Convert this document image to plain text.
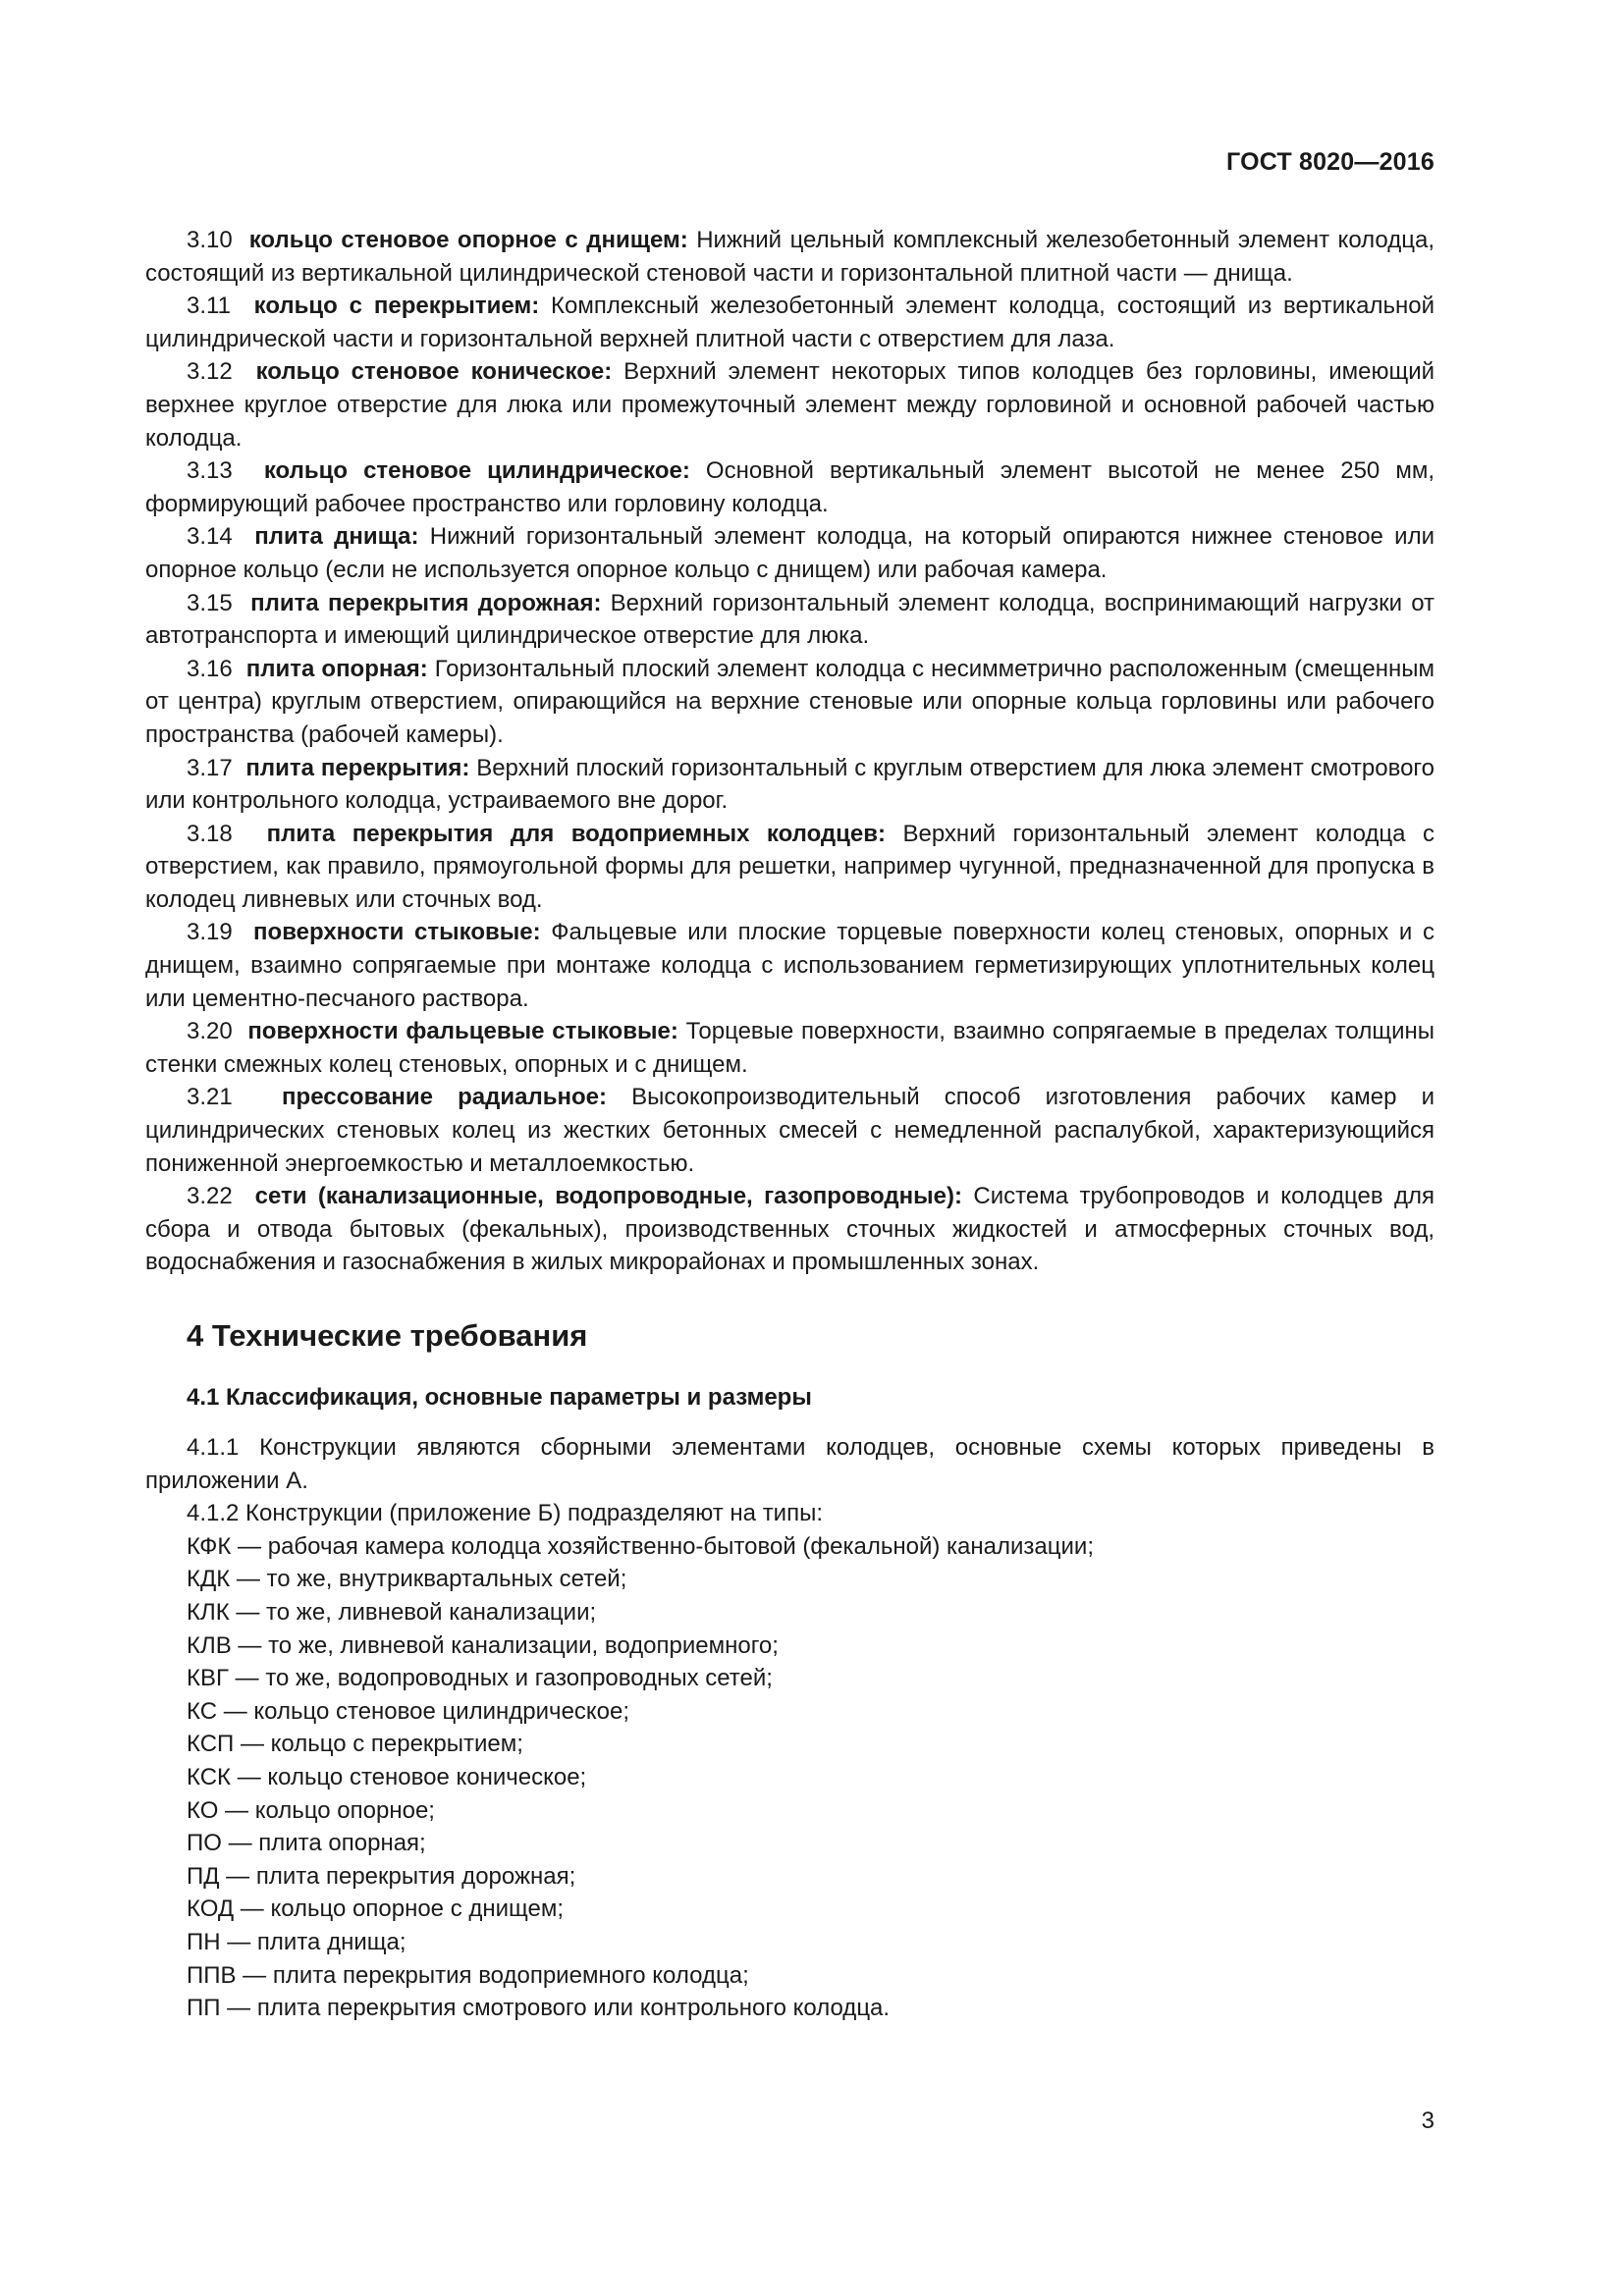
ГОСТ 8020—2016

3.10 кольцо стеновое опорное с днищем: Нижний цельный комплексный железобетонный элемент колодца, состоящий из вертикальной цилиндрической стеновой части и горизонтальной плитной части — днища.

3.11 кольцо с перекрытием: Комплексный железобетонный элемент колодца, состоящий из вертикальной цилиндрической части и горизонтальной верхней плитной части с отверстием для лаза.

3.12 кольцо стеновое коническое: Верхний элемент некоторых типов колодцев без горловины, имеющий верхнее круглое отверстие для люка или промежуточный элемент между горловиной и основной рабочей частью колодца.

3.13 кольцо стеновое цилиндрическое: Основной вертикальный элемент высотой не менее 250 мм, формирующий рабочее пространство или горловину колодца.

3.14 плита днища: Нижний горизонтальный элемент колодца, на который опираются нижнее стеновое или опорное кольцо (если не используется опорное кольцо с днищем) или рабочая камера.

3.15 плита перекрытия дорожная: Верхний горизонтальный элемент колодца, воспринимающий нагрузки от автотранспорта и имеющий цилиндрическое отверстие для люка.

3.16 плита опорная: Горизонтальный плоский элемент колодца с несимметрично расположенным (смещенным от центра) круглым отверстием, опирающийся на верхние стеновые или опорные кольца горловины или рабочего пространства (рабочей камеры).

3.17 плита перекрытия: Верхний плоский горизонтальный с круглым отверстием для люка элемент смотрового или контрольного колодца, устраиваемого вне дорог.

3.18 плита перекрытия для водоприемных колодцев: Верхний горизонтальный элемент колодца с отверстием, как правило, прямоугольной формы для решетки, например чугунной, предназначенной для пропуска в колодец ливневых или сточных вод.

3.19 поверхности стыковые: Фальцевые или плоские торцевые поверхности колец стеновых, опорных и с днищем, взаимно сопрягаемые при монтаже колодца с использованием герметизирующих уплотнительных колец или цементно-песчаного раствора.

3.20 поверхности фальцевые стыковые: Торцевые поверхности, взаимно сопрягаемые в пределах толщины стенки смежных колец стеновых, опорных и с днищем.

3.21 прессование радиальное: Высокопроизводительный способ изготовления рабочих камер и цилиндрических стеновых колец из жестких бетонных смесей с немедленной распалубкой, характеризующийся пониженной энергоемкостью и металлоемкостью.

3.22 сети (канализационные, водопроводные, газопроводные): Система трубопроводов и колодцев для сбора и отвода бытовых (фекальных), производственных сточных жидкостей и атмосферных сточных вод, водоснабжения и газоснабжения в жилых микрорайонах и промышленных зонах.

4 Технические требования
4.1 Классификация, основные параметры и размеры

4.1.1 Конструкции являются сборными элементами колодцев, основные схемы которых приведены в приложении А.

4.1.2 Конструкции (приложение Б) подразделяют на типы:

КФК — рабочая камера колодца хозяйственно-бытовой (фекальной) канализации;

КДК — то же, внутриквартальных сетей;

КЛК — то же, ливневой канализации;

КЛВ — то же, ливневой канализации, водоприемного;

КВГ — то же, водопроводных и газопроводных сетей;

КС — кольцо стеновое цилиндрическое;

КСП — кольцо с перекрытием;

КСК — кольцо стеновое коническое;

КО — кольцо опорное;

ПО — плита опорная;

ПД — плита перекрытия дорожная;

КОД — кольцо опорное с днищем;

ПН — плита днища;

ППВ — плита перекрытия водоприемного колодца;

ПП — плита перекрытия смотрового или контрольного колодца.

3
